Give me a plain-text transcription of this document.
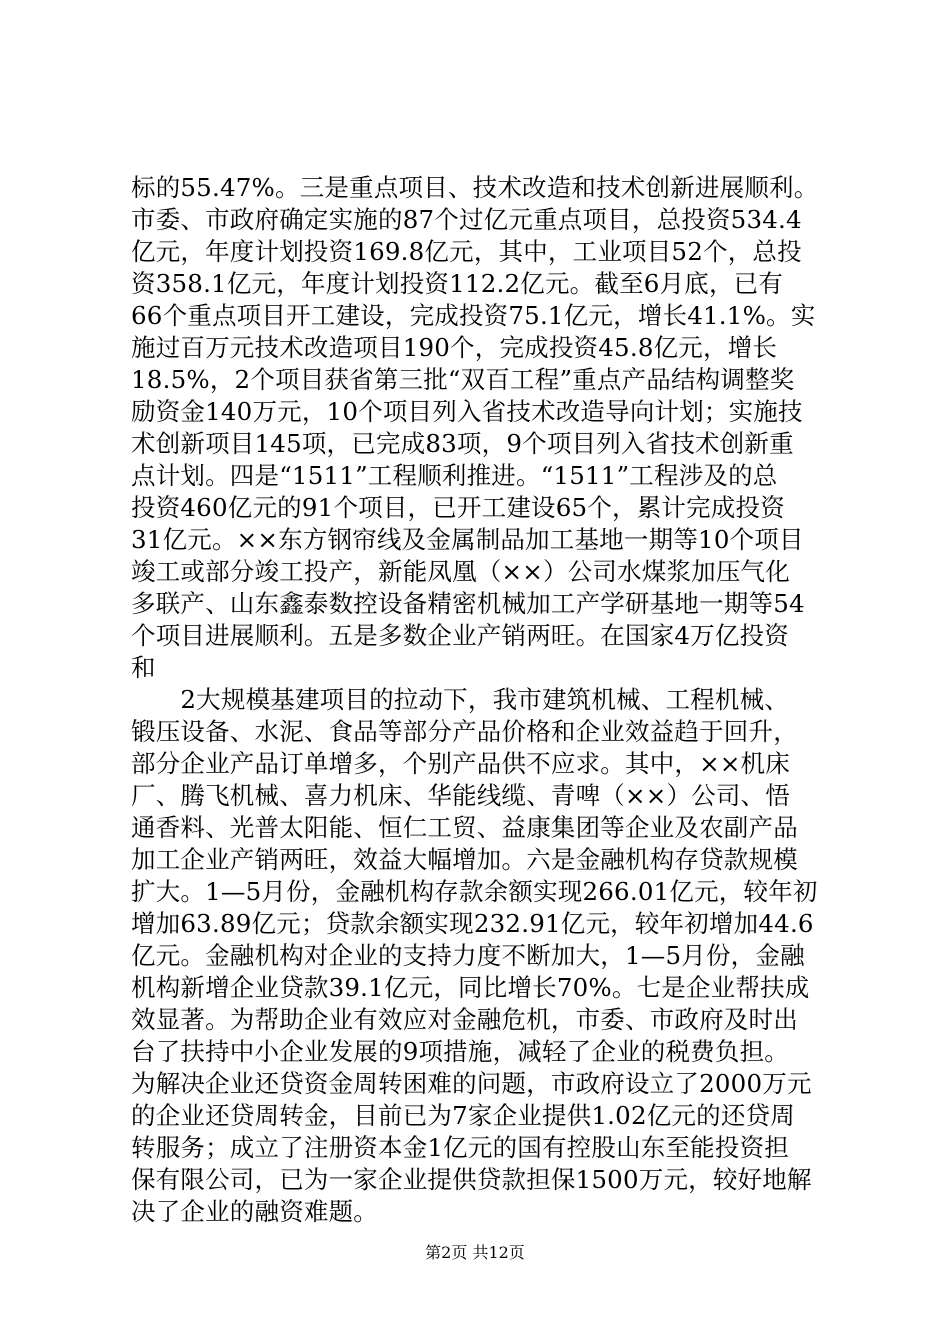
标的55.47%。三是重点项目、技术改造和技术创新进展顺利。
市委、市政府确定实施的87个过亿元重点项目，总投资534.4
亿元，年度计划投资169.8亿元，其中，工业项目52个，总投
资358.1亿元，年度计划投资112.2亿元。截至6月底，已有
66个重点项目开工建设，完成投资75.1亿元，增长41.1%。实
施过百万元技术改造项目190个，完成投资45.8亿元，增长
18.5%，2个项目获省第三批“双百工程”重点产品结构调整奖
励资金140万元，10个项目列入省技术改造导向计划；实施技
术创新项目145项，已完成83项，9个项目列入省技术创新重
点计划。四是“1511”工程顺利推进。“1511”工程涉及的总
投资460亿元的91个项目，已开工建设65个，累计完成投资
31亿元。××东方钢帘线及金属制品加工基地一期等10个项目
竣工或部分竣工投产，新能凤凰（××）公司水煤浆加压气化
多联产、山东鑫泰数控设备精密机械加工产学研基地一期等54
个项目进展顺利。五是多数企业产销两旺。在国家4万亿投资
和
　　2大规模基建项目的拉动下，我市建筑机械、工程机械、
锻压设备、水泥、食品等部分产品价格和企业效益趋于回升，
部分企业产品订单增多，个别产品供不应求。其中，××机床
厂、腾飞机械、喜力机床、华能线缆、青啤（××）公司、悟
通香料、光普太阳能、恒仁工贸、益康集团等企业及农副产品
加工企业产销两旺，效益大幅增加。六是金融机构存贷款规模
扩大。1—5月份，金融机构存款余额实现266.01亿元，较年初
增加63.89亿元；贷款余额实现232.91亿元，较年初增加44.6
亿元。金融机构对企业的支持力度不断加大，1—5月份，金融
机构新增企业贷款39.1亿元，同比增长70%。七是企业帮扶成
效显著。为帮助企业有效应对金融危机，市委、市政府及时出
台了扶持中小企业发展的9项措施，减轻了企业的税费负担。
为解决企业还贷资金周转困难的问题，市政府设立了2000万元
的企业还贷周转金，目前已为7家企业提供1.02亿元的还贷周
转服务；成立了注册资本金1亿元的国有控股山东至能投资担
保有限公司，已为一家企业提供贷款担保1500万元，较好地解
决了企业的融资难题。
第2页 共12页
